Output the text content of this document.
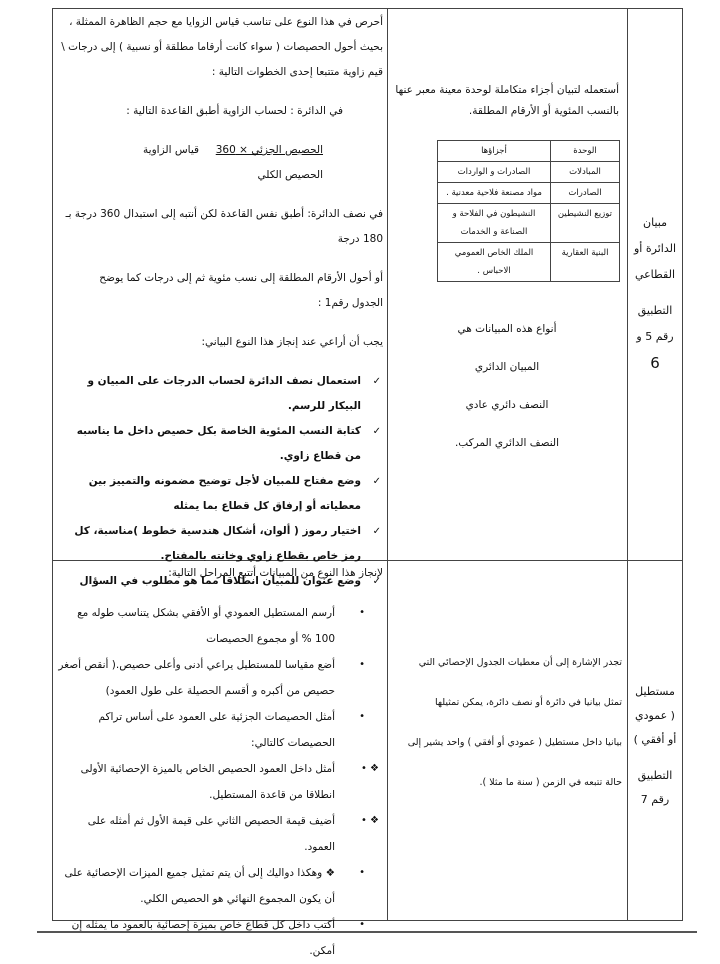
مبيان

الدائرة أو

القطاعي

التطبيق

رقم 5 و

6

أستعمله لتبيان أجزاء متكاملة لوحدة معينة معبر عنها بالنسب المئوية أو الأرقام المطلقة.
الوحدة	أجزاؤها
المبادلات	الصادرات و الواردات
الصادرات	مواد مصنعة فلاحية معدنية .
توزيع النشيطين	النشيطون في الفلاحة و الصناعة و الخدمات
البنية العقارية	الملك الخاص العمومي الاحباس .

أنواع هذه المبيانات هي

المبيان الدائري

النصف دائري عادي

النصف الدائري المركب.

أحرص في هذا النوع على تناسب قياس الزوايا مع حجم الظاهرة الممثلة ، بحيث أحول الحصيصات ( سواء كانت أرقاما مطلقة أو نسبية ) إلى درجات \ قيم زاوية متتبعا إحدى الخطوات التالية :

في الدائرة : لحساب الزاوية أطبق القاعدة التالية :

الحصيص الجزئي × 360     قياس الزاوية

الحصيص الكلي

في نصف الدائرة: أطبق نفس القاعدة لكن أنتبه إلى استبدال 360 درجة بـ 180 درجة

أو أحول الأرقام المطلقة إلى نسب مئوية ثم إلى درجات كما يوضح الجدول رقم1 :

يجب أن أراعي عند إنجاز هذا النوع البياني:

✓
استعمال نصف الدائرة لحساب الدرجات على المبيان و البيكار للرسم.
✓
كتابة النسب المئوية الخاصة بكل حصيص داخل ما يناسبه من قطاع زاوي.
✓
وضع مفتاح للمبيان لأجل توضيح مضمونه والتمييز بين معطياته أو إرفاق كل قطاع بما يمثله
✓
اختيار رموز ( ألوان، أشكال هندسية خطوط )مناسبة، كل رمز خاص بقطاع زاوي وخانته بالمفتاح.
✓
وضع عنوان للمبيان انطلاقا مما هو مطلوب في السؤال

مستطيل

( عمودي

أو أفقي )

التطبيق

رقم 7

تجدر الإشارة إلى أن معطيات الجدول الإحصائي التي

تمثل بيانيا في دائرة أو نصف دائرة، يمكن تمثيلها

بيانيا داخل مستطيل ( عمودي أو أفقي ) واحد يشير إلى

حالة تتبعه في الزمن ( سنة ما مثلا ).

لإنجاز هذا النوع من المبيانات أتتبع المراحل التالية:

•
أرسم المستطيل العمودي أو الأفقي بشكل يتناسب طوله مع 100 % أو مجموع الحصيصات
•
أضع مقياسا للمستطيل يراعي أدنى وأعلى حصيص.( أنقص أصغر حصيص من أكبره و أقسم الحصيلة على طول العمود)
•
أمثل الحصيصات الجزئية على العمود على أساس تراكم الحصيصات كالتالي:
❖ •
أمثل داخل العمود الحصيص الخاص بالميزة الإحصائية الأولى انطلاقا من قاعدة المستطيل.
❖ •
أضيف قيمة الحصيص الثاني على قيمة الأول ثم أمثله على العمود.
•
❖ وهكذا دواليك إلى أن يتم تمثيل جميع الميزات الإحصائية على أن يكون المجموع النهائي هو الحصيص الكلي.
•
أكتب داخل كل قطاع خاص بميزة إحصائية بالعمود ما يمثله إن أمكن.
